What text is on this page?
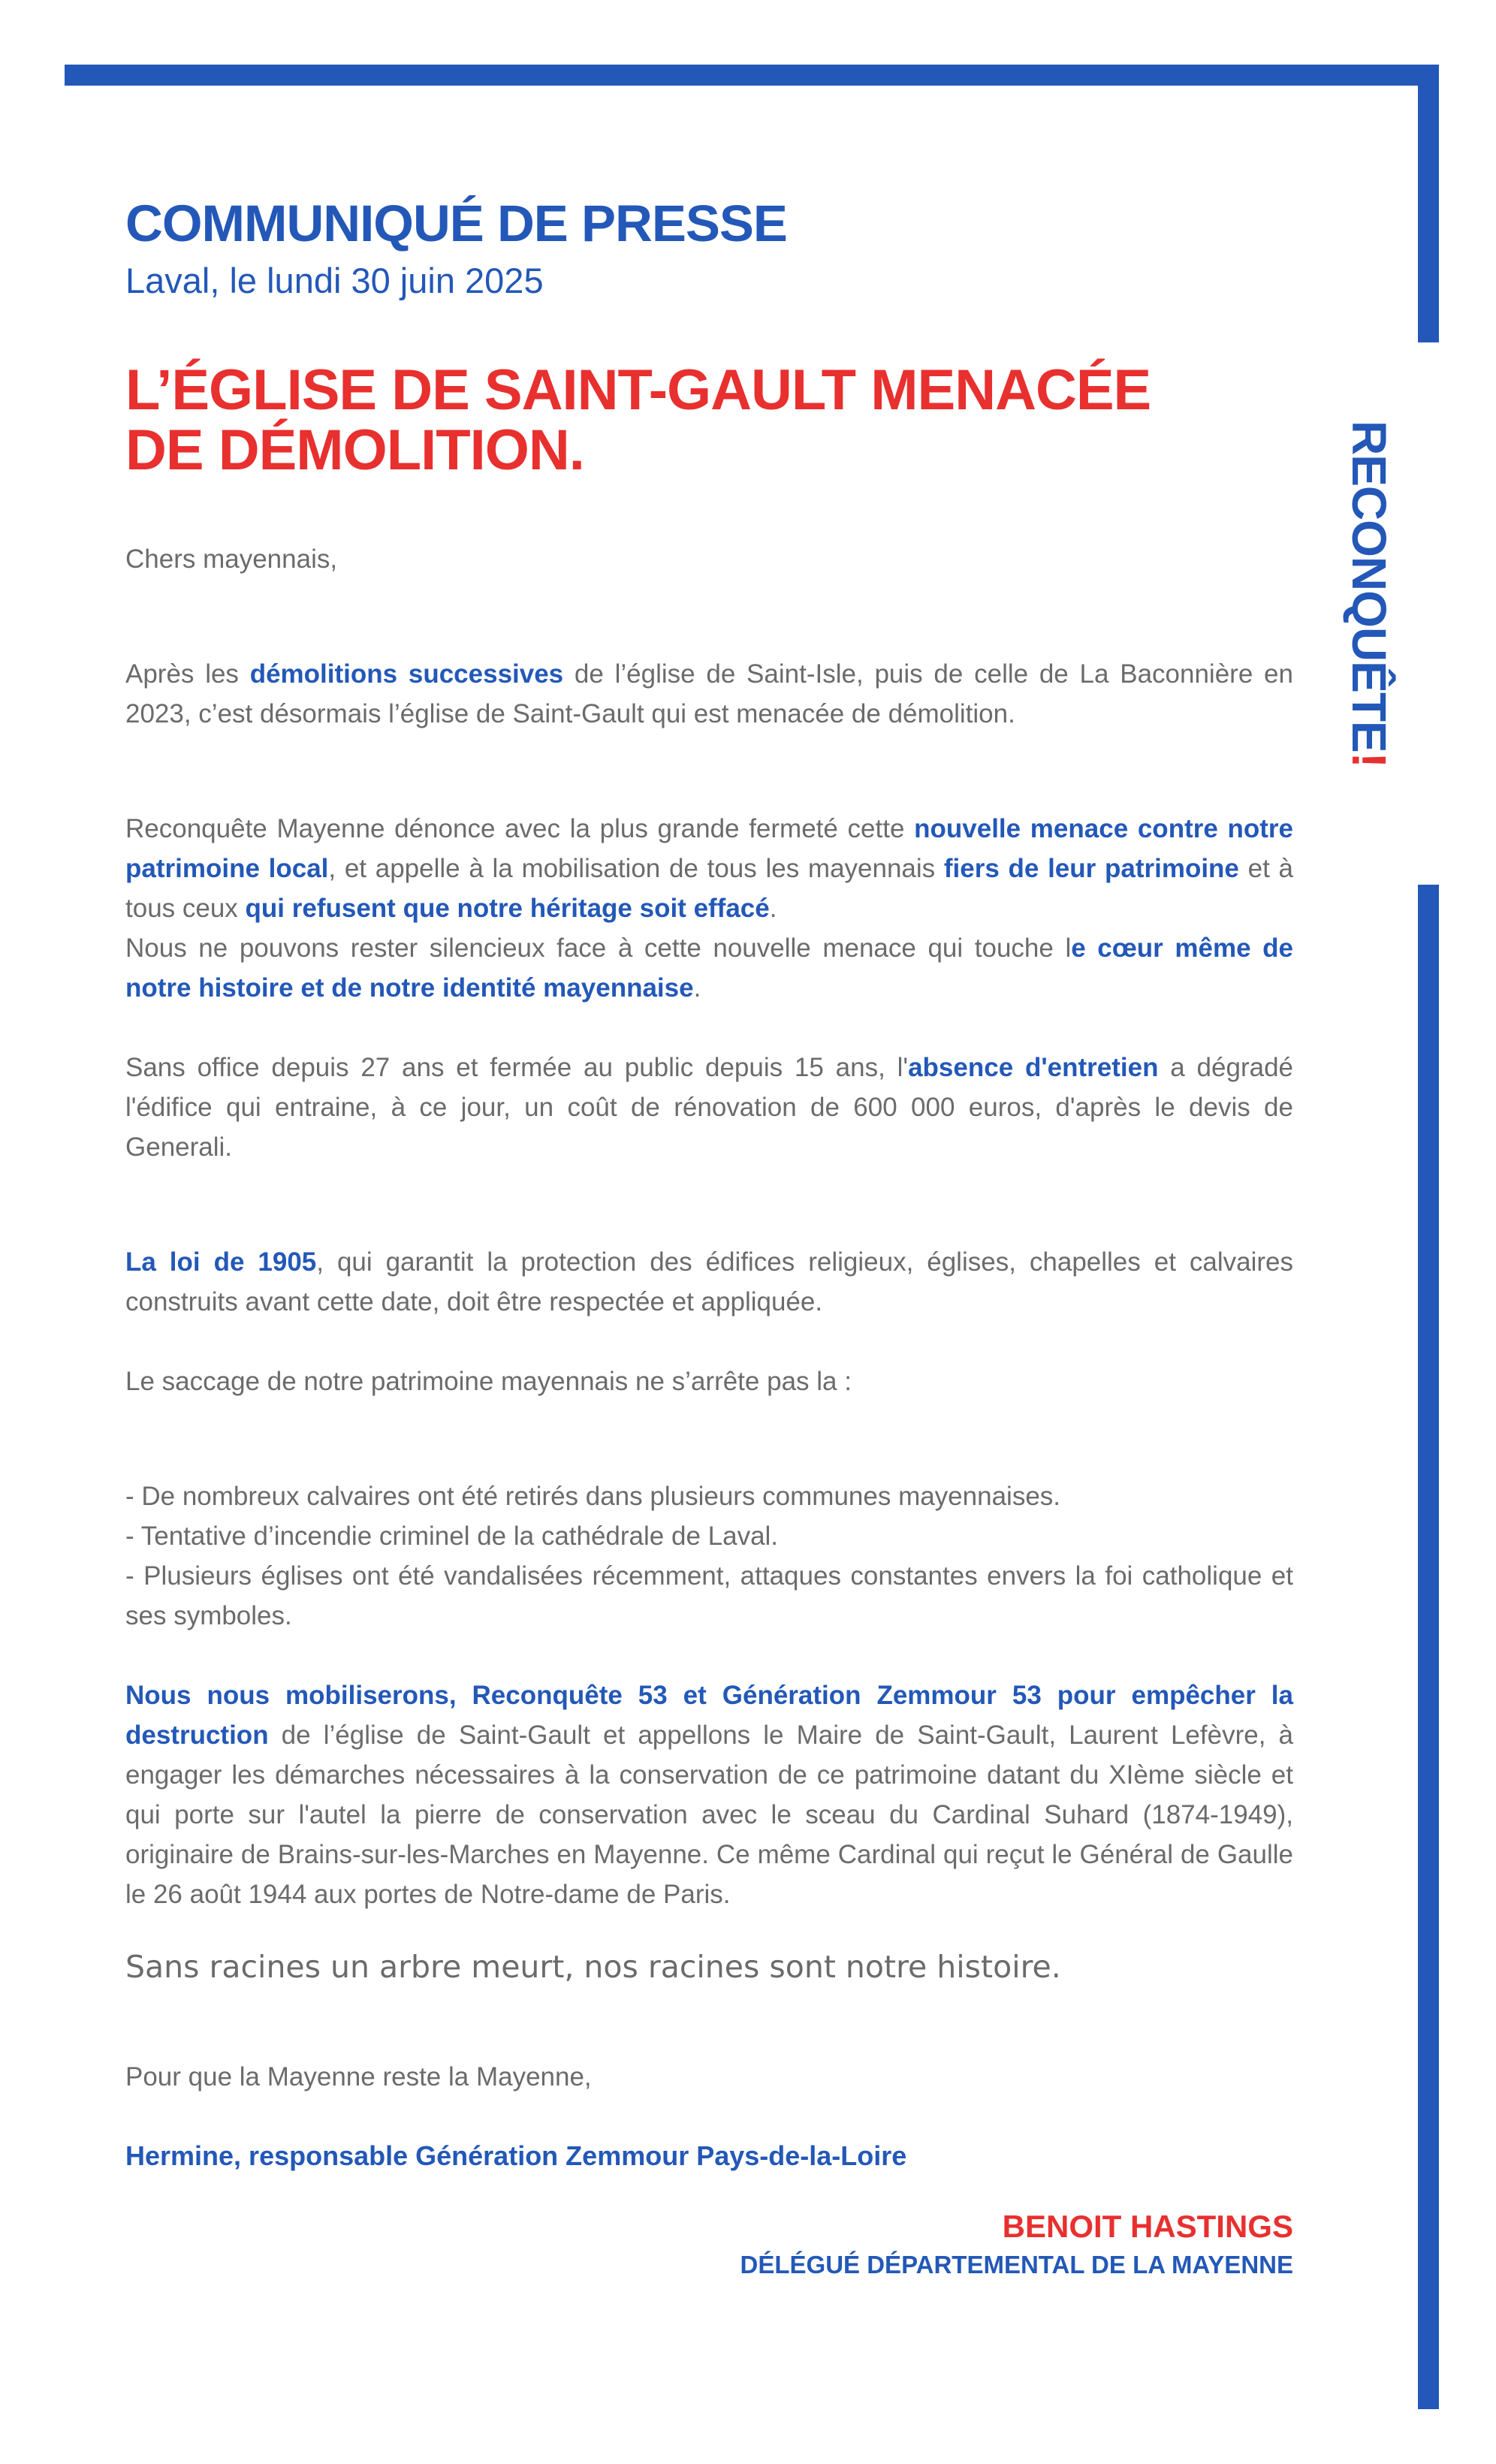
RECONQUÊTE!
COMMUNIQUÉ DE PRESSE

Laval, le lundi 30 juin 2025

L’ÉGLISE DE SAINT-GAULT MENACÉE
DE DÉMOLITION.

Chers mayennais,

Après les démolitions successives de l’église de Saint-Isle, puis de celle de La Baconnière en 2023, c’est désormais l’église de Saint-Gault qui est menacée de démolition.

Reconquête Mayenne dénonce avec la plus grande fermeté cette nouvelle menace contre notre patrimoine local, et appelle à la mobilisation de tous les mayennais fiers de leur patrimoine et à tous ceux qui refusent que notre héritage soit effacé.
Nous ne pouvons rester silencieux face à cette nouvelle menace qui touche le cœur même de notre histoire et de notre identité mayennaise.

Sans office depuis 27 ans et fermée au public depuis 15 ans, l'absence d'entretien a dégradé l'édifice qui entraine, à ce jour, un coût de rénovation de 600 000 euros, d'après le devis de Generali.

La loi de 1905, qui garantit la protection des édifices religieux, églises, chapelles et calvaires construits avant cette date, doit être respectée et appliquée.

Le saccage de notre patrimoine mayennais ne s’arrête pas la :

- De nombreux calvaires ont été retirés dans plusieurs communes mayennaises.

- Tentative d’incendie criminel de la cathédrale de Laval.

- Plusieurs églises ont été vandalisées récemment, attaques constantes envers la foi catholique et ses symboles.

Nous nous mobiliserons, Reconquête 53 et Génération Zemmour 53 pour empêcher la destruction de l’église de Saint-Gault et appellons le Maire de Saint-Gault, Laurent Lefèvre, à engager les démarches nécessaires à la conservation de ce patrimoine datant du XIème siècle et qui porte sur l'autel la pierre de conservation avec le sceau du Cardinal Suhard (1874-1949), originaire de Brains-sur-les-Marches en Mayenne. Ce même Cardinal qui reçut le Général de Gaulle le 26 août 1944 aux portes de Notre-dame de Paris.

Sans racines un arbre meurt, nos racines sont notre histoire.

Pour que la Mayenne reste la Mayenne,

Hermine, responsable Génération Zemmour Pays-de-la-Loire

BENOIT HASTINGS

DÉLÉGUÉ DÉPARTEMENTAL DE LA MAYENNE
